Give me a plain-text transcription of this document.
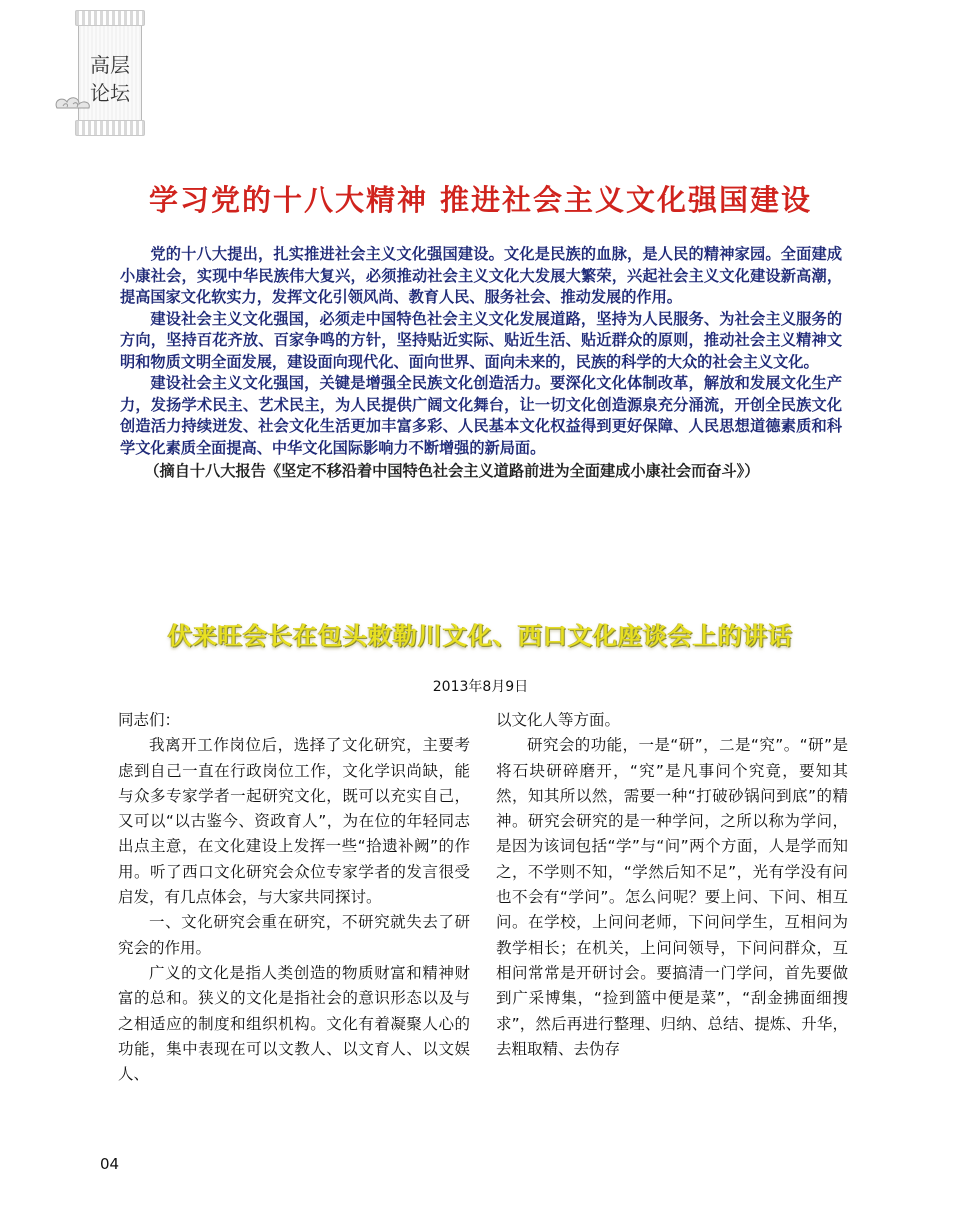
高层
论坛
学习党的十八大精神 推进社会主义文化强国建设

党的十八大提出，扎实推进社会主义文化强国建设。文化是民族的血脉，是人民的精神家园。全面建成小康社会，实现中华民族伟大复兴，必须推动社会主义文化大发展大繁荣，兴起社会主义文化建设新高潮，提高国家文化软实力，发挥文化引领风尚、教育人民、服务社会、推动发展的作用。

建设社会主义文化强国，必须走中国特色社会主义文化发展道路，坚持为人民服务、为社会主义服务的方向，坚持百花齐放、百家争鸣的方针，坚持贴近实际、贴近生活、贴近群众的原则，推动社会主义精神文明和物质文明全面发展，建设面向现代化、面向世界、面向未来的，民族的科学的大众的社会主义文化。

建设社会主义文化强国，关键是增强全民族文化创造活力。要深化文化体制改革，解放和发展文化生产力，发扬学术民主、艺术民主，为人民提供广阔文化舞台，让一切文化创造源泉充分涌流，开创全民族文化创造活力持续迸发、社会文化生活更加丰富多彩、人民基本文化权益得到更好保障、人民思想道德素质和科学文化素质全面提高、中华文化国际影响力不断增强的新局面。

（摘自十八大报告《坚定不移沿着中国特色社会主义道路前进为全面建成小康社会而奋斗》）

伏来旺会长在包头敕勒川文化、西口文化座谈会上的讲话
2013年8月9日

同志们：

我离开工作岗位后，选择了文化研究，主要考虑到自己一直在行政岗位工作，文化学识尚缺，能与众多专家学者一起研究文化，既可以充实自己，又可以“以古鉴今、资政育人”，为在位的年轻同志出点主意，在文化建设上发挥一些“拾遗补阙”的作用。听了西口文化研究会众位专家学者的发言很受启发，有几点体会，与大家共同探讨。

一、文化研究会重在研究，不研究就失去了研究会的作用。

广义的文化是指人类创造的物质财富和精神财富的总和。狭义的文化是指社会的意识形态以及与之相适应的制度和组织机构。文化有着凝聚人心的功能，集中表现在可以文教人、以文育人、以文娱人、

以文化人等方面。

研究会的功能，一是“研”，二是“究”。“研”是将石块研碎磨开，“究”是凡事问个究竟，要知其然，知其所以然，需要一种“打破砂锅问到底”的精神。研究会研究的是一种学问，之所以称为学问，是因为该词包括“学”与“问”两个方面，人是学而知之，不学则不知，“学然后知不足”，光有学没有问也不会有“学问”。怎么问呢？要上问、下问、相互问。在学校，上问问老师，下问问学生，互相问为教学相长；在机关，上问问领导，下问问群众，互相问常常是开研讨会。要搞清一门学问，首先要做到广采博集，“捡到篮中便是菜”，“刮金拂面细搜求”，然后再进行整理、归纳、总结、提炼、升华，去粗取精、去伪存

04
